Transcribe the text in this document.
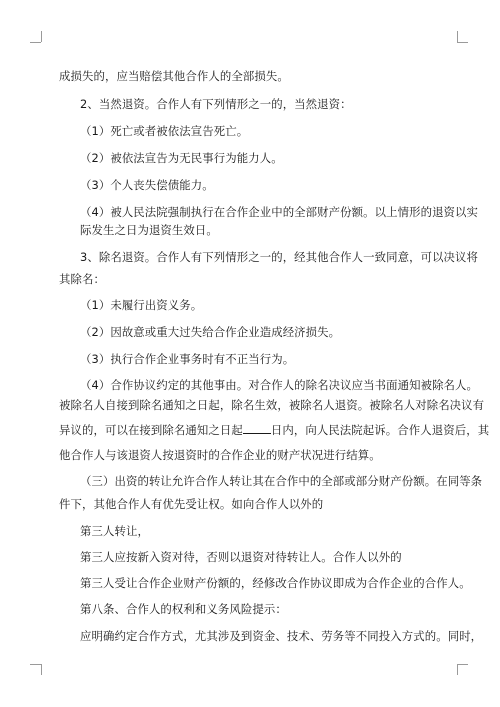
成损失的，应当赔偿其他合作人的全部损失。
2、当然退资。合作人有下列情形之一的，当然退资：
（1）死亡或者被依法宣告死亡。
（2）被依法宣告为无民事行为能力人。
（3）个人丧失偿债能力。
（4）被人民法院强制执行在合作企业中的全部财产份额。以上情形的退资以实
际发生之日为退资生效日。
3、除名退资。合作人有下列情形之一的，经其他合作人一致同意，可以决议将
其除名：
（1）未履行出资义务。
（2）因故意或重大过失给合作企业造成经济损失。
（3）执行合作企业事务时有不正当行为。
（4）合作协议约定的其他事由。对合作人的除名决议应当书面通知被除名人。
被除名人自接到除名通知之日起，除名生效，被除名人退资。被除名人对除名决议有
异议的，可以在接到除名通知之日起 日内，向人民法院起诉。合作人退资后，其
他合作人与该退资人按退资时的合作企业的财产状况进行结算。
（三）出资的转让允许合作人转让其在合作中的全部或部分财产份额。在同等条
件下，其他合作人有优先受让权。如向合作人以外的
第三人转让，
第三人应按新入资对待，否则以退资对待转让人。合作人以外的
第三人受让合作企业财产份额的，经修改合作协议即成为合作企业的合作人。
第八条、合作人的权利和义务风险提示：
应明确约定合作方式，尤其涉及到资金、技术、劳务等不同投入方式的。同时，
